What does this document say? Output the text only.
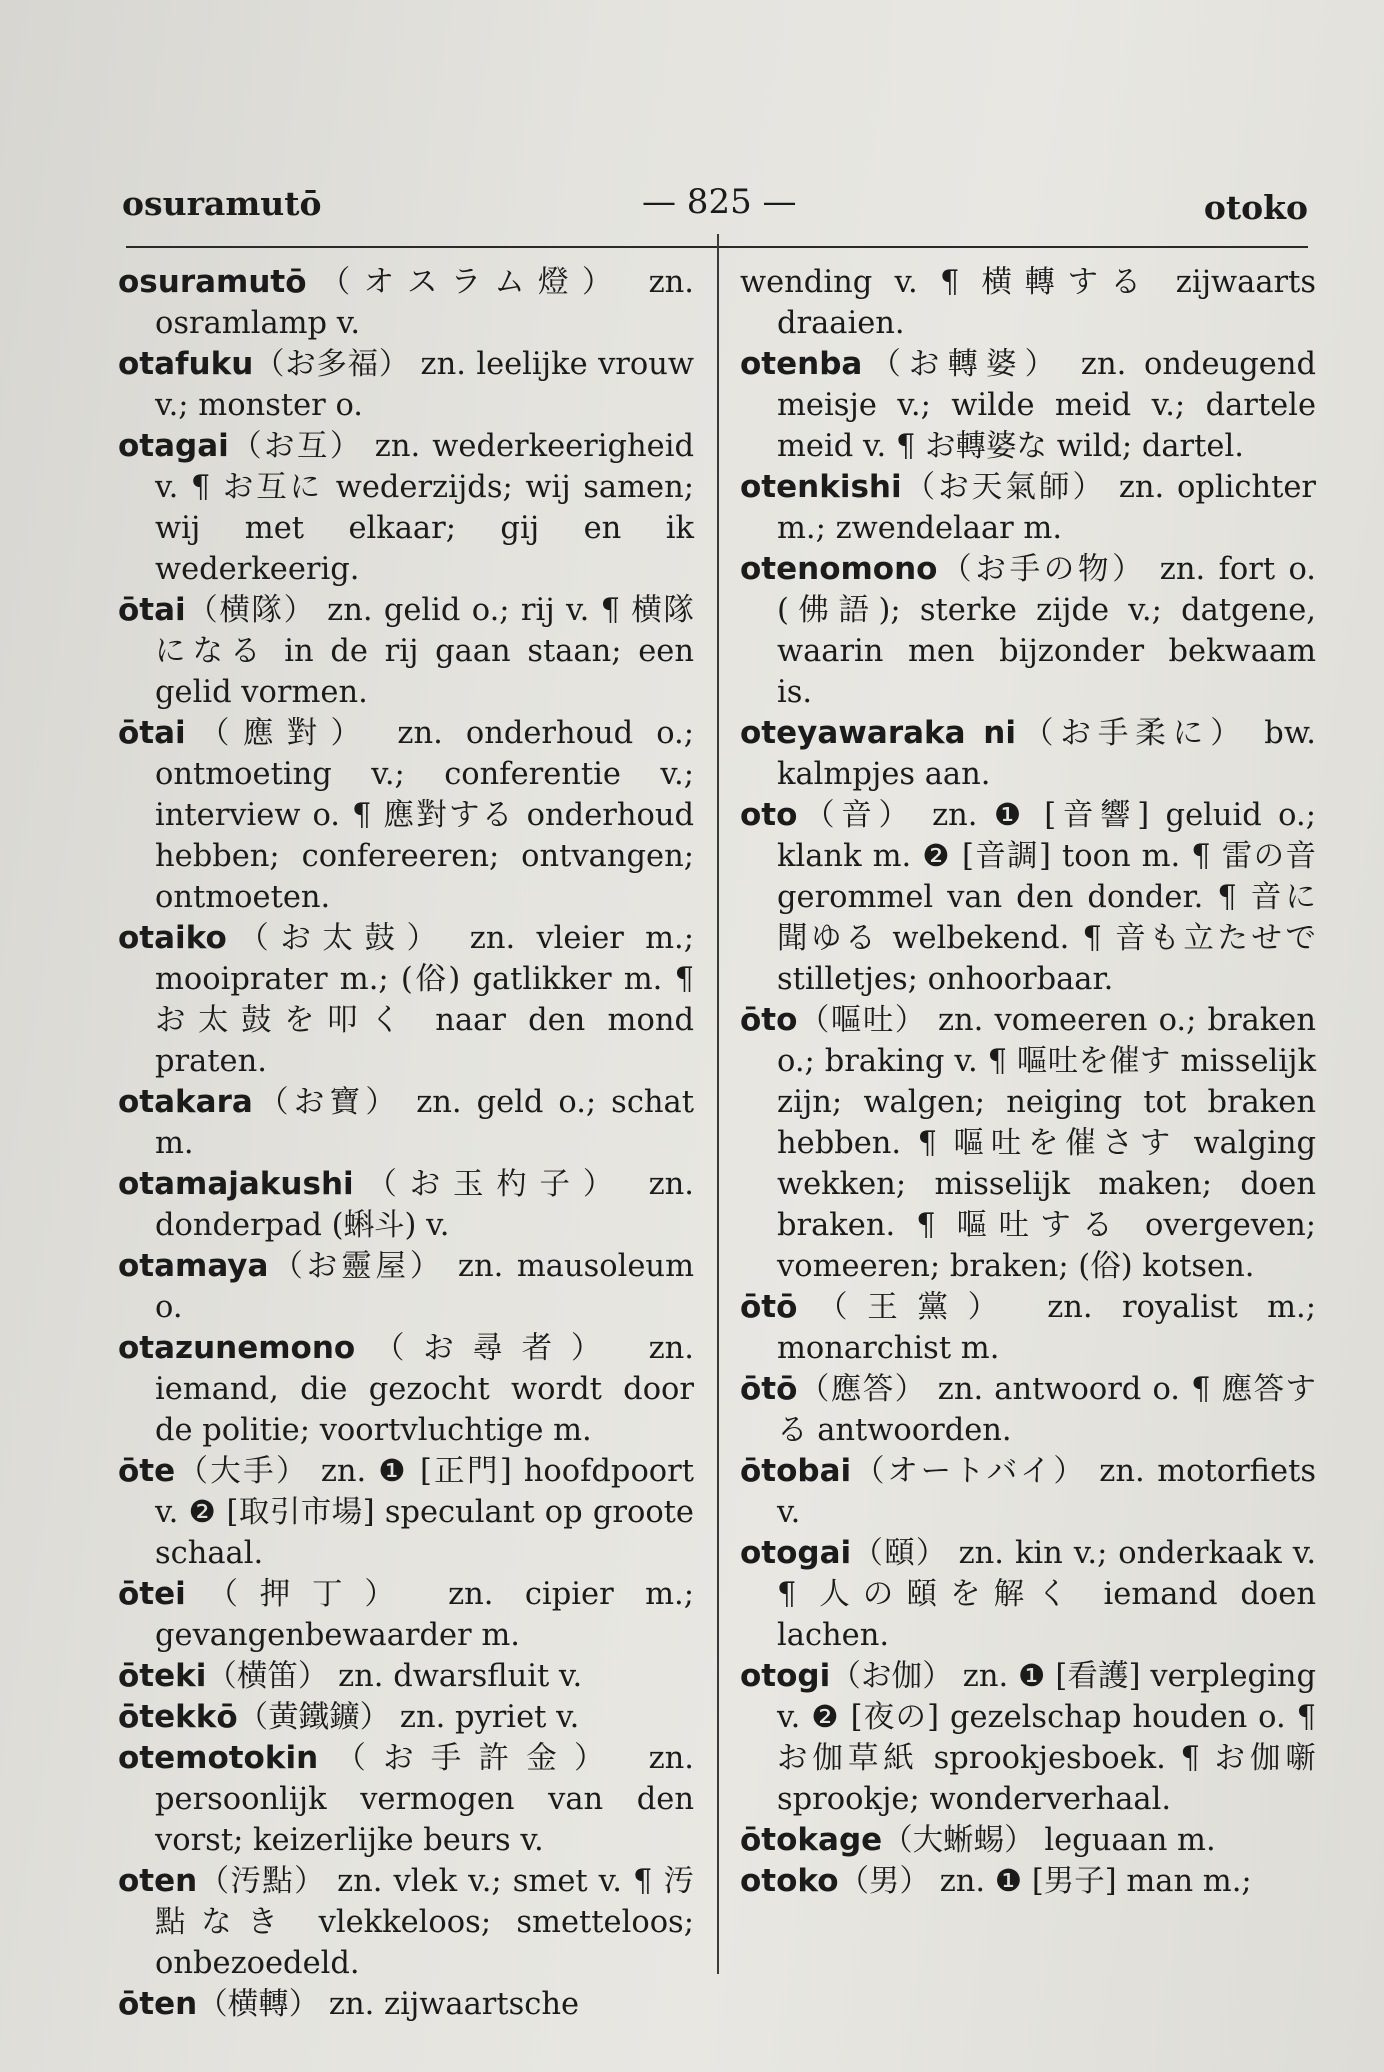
osuramutō	— 825 —	otoko

osuramutō（オスラム燈） zn. osramlamp v.

otafuku（お多福） zn. leelijke vrouw v.; monster o.

otagai（お互） zn. wederkeerigheid v. ¶ お互に wederzijds; wij samen; wij met elkaar; gij en ik wederkeerig.

ōtai（横隊） zn. gelid o.; rij v. ¶ 横隊になる in de rij gaan staan; een gelid vormen.

ōtai（應對） zn. onderhoud o.; ontmoeting v.; conferentie v.; interview o. ¶ 應對する onderhoud hebben; confereeren; ontvangen; ontmoeten.

otaiko（お太鼓） zn. vleier m.; mooiprater m.; (俗) gatlikker m. ¶ お太鼓を叩く naar den mond praten.

otakara（お寶） zn. geld o.; schat m.

otamajakushi（お玉杓子） zn. donderpad (蝌斗) v.

otamaya（お靈屋） zn. mausoleum o.

otazunemono（お尋者） zn. iemand, die gezocht wordt door de politie; voortvluchtige m.

ōte（大手） zn. ❶ [正門] hoofdpoort v. ❷ [取引市場] speculant op groote schaal.

ōtei（押丁） zn. cipier m.; gevangenbewaarder m.

ōteki（横笛） zn. dwarsfluit v.

ōtekkō（黄鐵鑛） zn. pyriet v.

otemotokin（お手許金） zn. persoonlijk vermogen van den vorst; keizerlijke beurs v.

oten（汚點） zn. vlek v.; smet v. ¶ 汚點なき vlekkeloos; smetteloos; onbezoedeld.

ōten（横轉） zn. zijwaartsche

wending v. ¶ 横轉する zijwaarts draaien.

otenba（お轉婆） zn. ondeugend meisje v.; wilde meid v.; dartele meid v. ¶ お轉婆な wild; dartel.

otenkishi（お天氣師） zn. oplichter m.; zwendelaar m.

otenomono（お手の物） zn. fort o. (佛語); sterke zijde v.; datgene, waarin men bijzonder bekwaam is.

oteyawaraka ni（お手柔に） bw. kalmpjes aan.

oto（音） zn. ❶ [音響] geluid o.; klank m. ❷ [音調] toon m. ¶ 雷の音 gerommel van den donder. ¶ 音に聞ゆる welbekend. ¶ 音も立たせで stilletjes; onhoorbaar.

ōto（嘔吐） zn. vomeeren o.; braken o.; braking v. ¶ 嘔吐を催す misselijk zijn; walgen; neiging tot braken hebben. ¶ 嘔吐を催さす walging wekken; misselijk maken; doen braken. ¶ 嘔吐する overgeven; vomeeren; braken; (俗) kotsen.

ōtō（王黨） zn. royalist m.; monarchist m.

ōtō（應答） zn. antwoord o. ¶ 應答する antwoorden.

ōtobai（オートバイ） zn. motorfiets v.

otogai（頤） zn. kin v.; onderkaak v. ¶ 人の頤を解く iemand doen lachen.

otogi（お伽） zn. ❶ [看護] verpleging v. ❷ [夜の] gezelschap houden o. ¶ お伽草紙 sprookjesboek. ¶ お伽噺 sprookje; wonderverhaal.

ōtokage（大蜥蜴） leguaan m.

otoko（男） zn. ❶ [男子] man m.;
